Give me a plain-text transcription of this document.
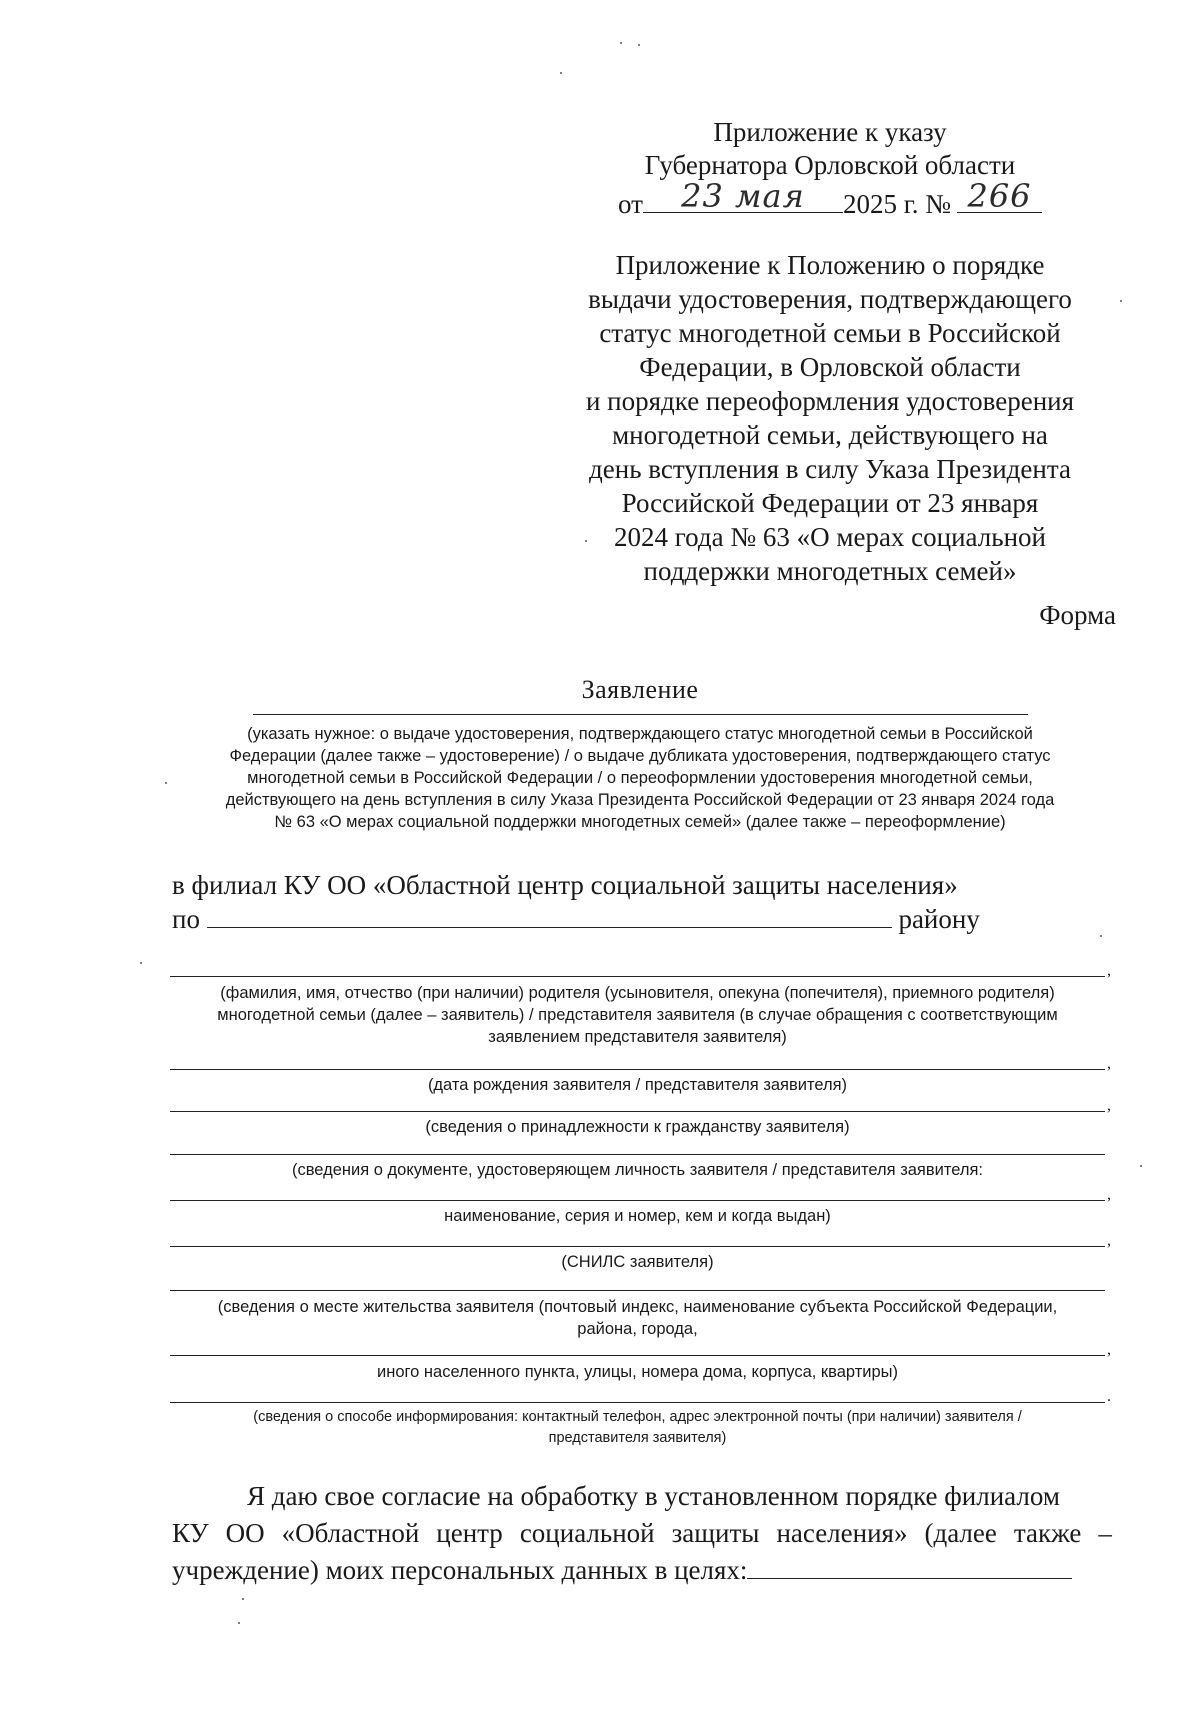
Приложение к указу
Губернатора Орловской области
от	23 мая	2025 г. № 266
Приложение к Положению о порядке
выдачи удостоверения, подтверждающего
статус многодетной семьи в Российской
Федерации, в Орловской области
и порядке переоформления удостоверения
многодетной семьи, действующего на
день вступления в силу Указа Президента
Российской Федерации от 23 января
2024 года № 63 «О мерах социальной
поддержки многодетных семей»
Форма
Заявление
(указать нужное: о выдаче удостоверения, подтверждающего статус многодетной семьи в Российской
Федерации (далее также – удостоверение) / о выдаче дубликата удостоверения, подтверждающего статус
многодетной семьи в Российской Федерации / о переоформлении удостоверения многодетной семьи,
действующего на день вступления в силу Указа Президента Российской Федерации от 23 января 2024 года
№ 63 «О мерах социальной поддержки многодетных семей» (далее также – переоформление)
в филиал КУ ОО «Областной центр социальной защиты населения»
по	району
,
(фамилия, имя, отчество (при наличии) родителя (усыновителя, опекуна (попечителя), приемного родителя)
многодетной семьи (далее – заявитель) / представителя заявителя (в случае обращения с соответствующим
заявлением представителя заявителя)
,
(дата рождения заявителя / представителя заявителя)
,
(сведения о принадлежности к гражданству заявителя)
(сведения о документе, удостоверяющем личность заявителя / представителя заявителя:
,
наименование, серия и номер, кем и когда выдан)
,
(СНИЛС заявителя)
(сведения о месте жительства заявителя (почтовый индекс, наименование субъекта Российской Федерации,
района, города,
,
иного населенного пункта, улицы, номера дома, корпуса, квартиры)
.
(сведения о способе информирования: контактный телефон, адрес электронной почты (при наличии) заявителя /
представителя заявителя)
Я даю свое согласие на обработку в установленном порядке филиалом
КУ ОО «Областной центр социальной защиты населения» (далее также –
учреждение) моих персональных данных в целях:
